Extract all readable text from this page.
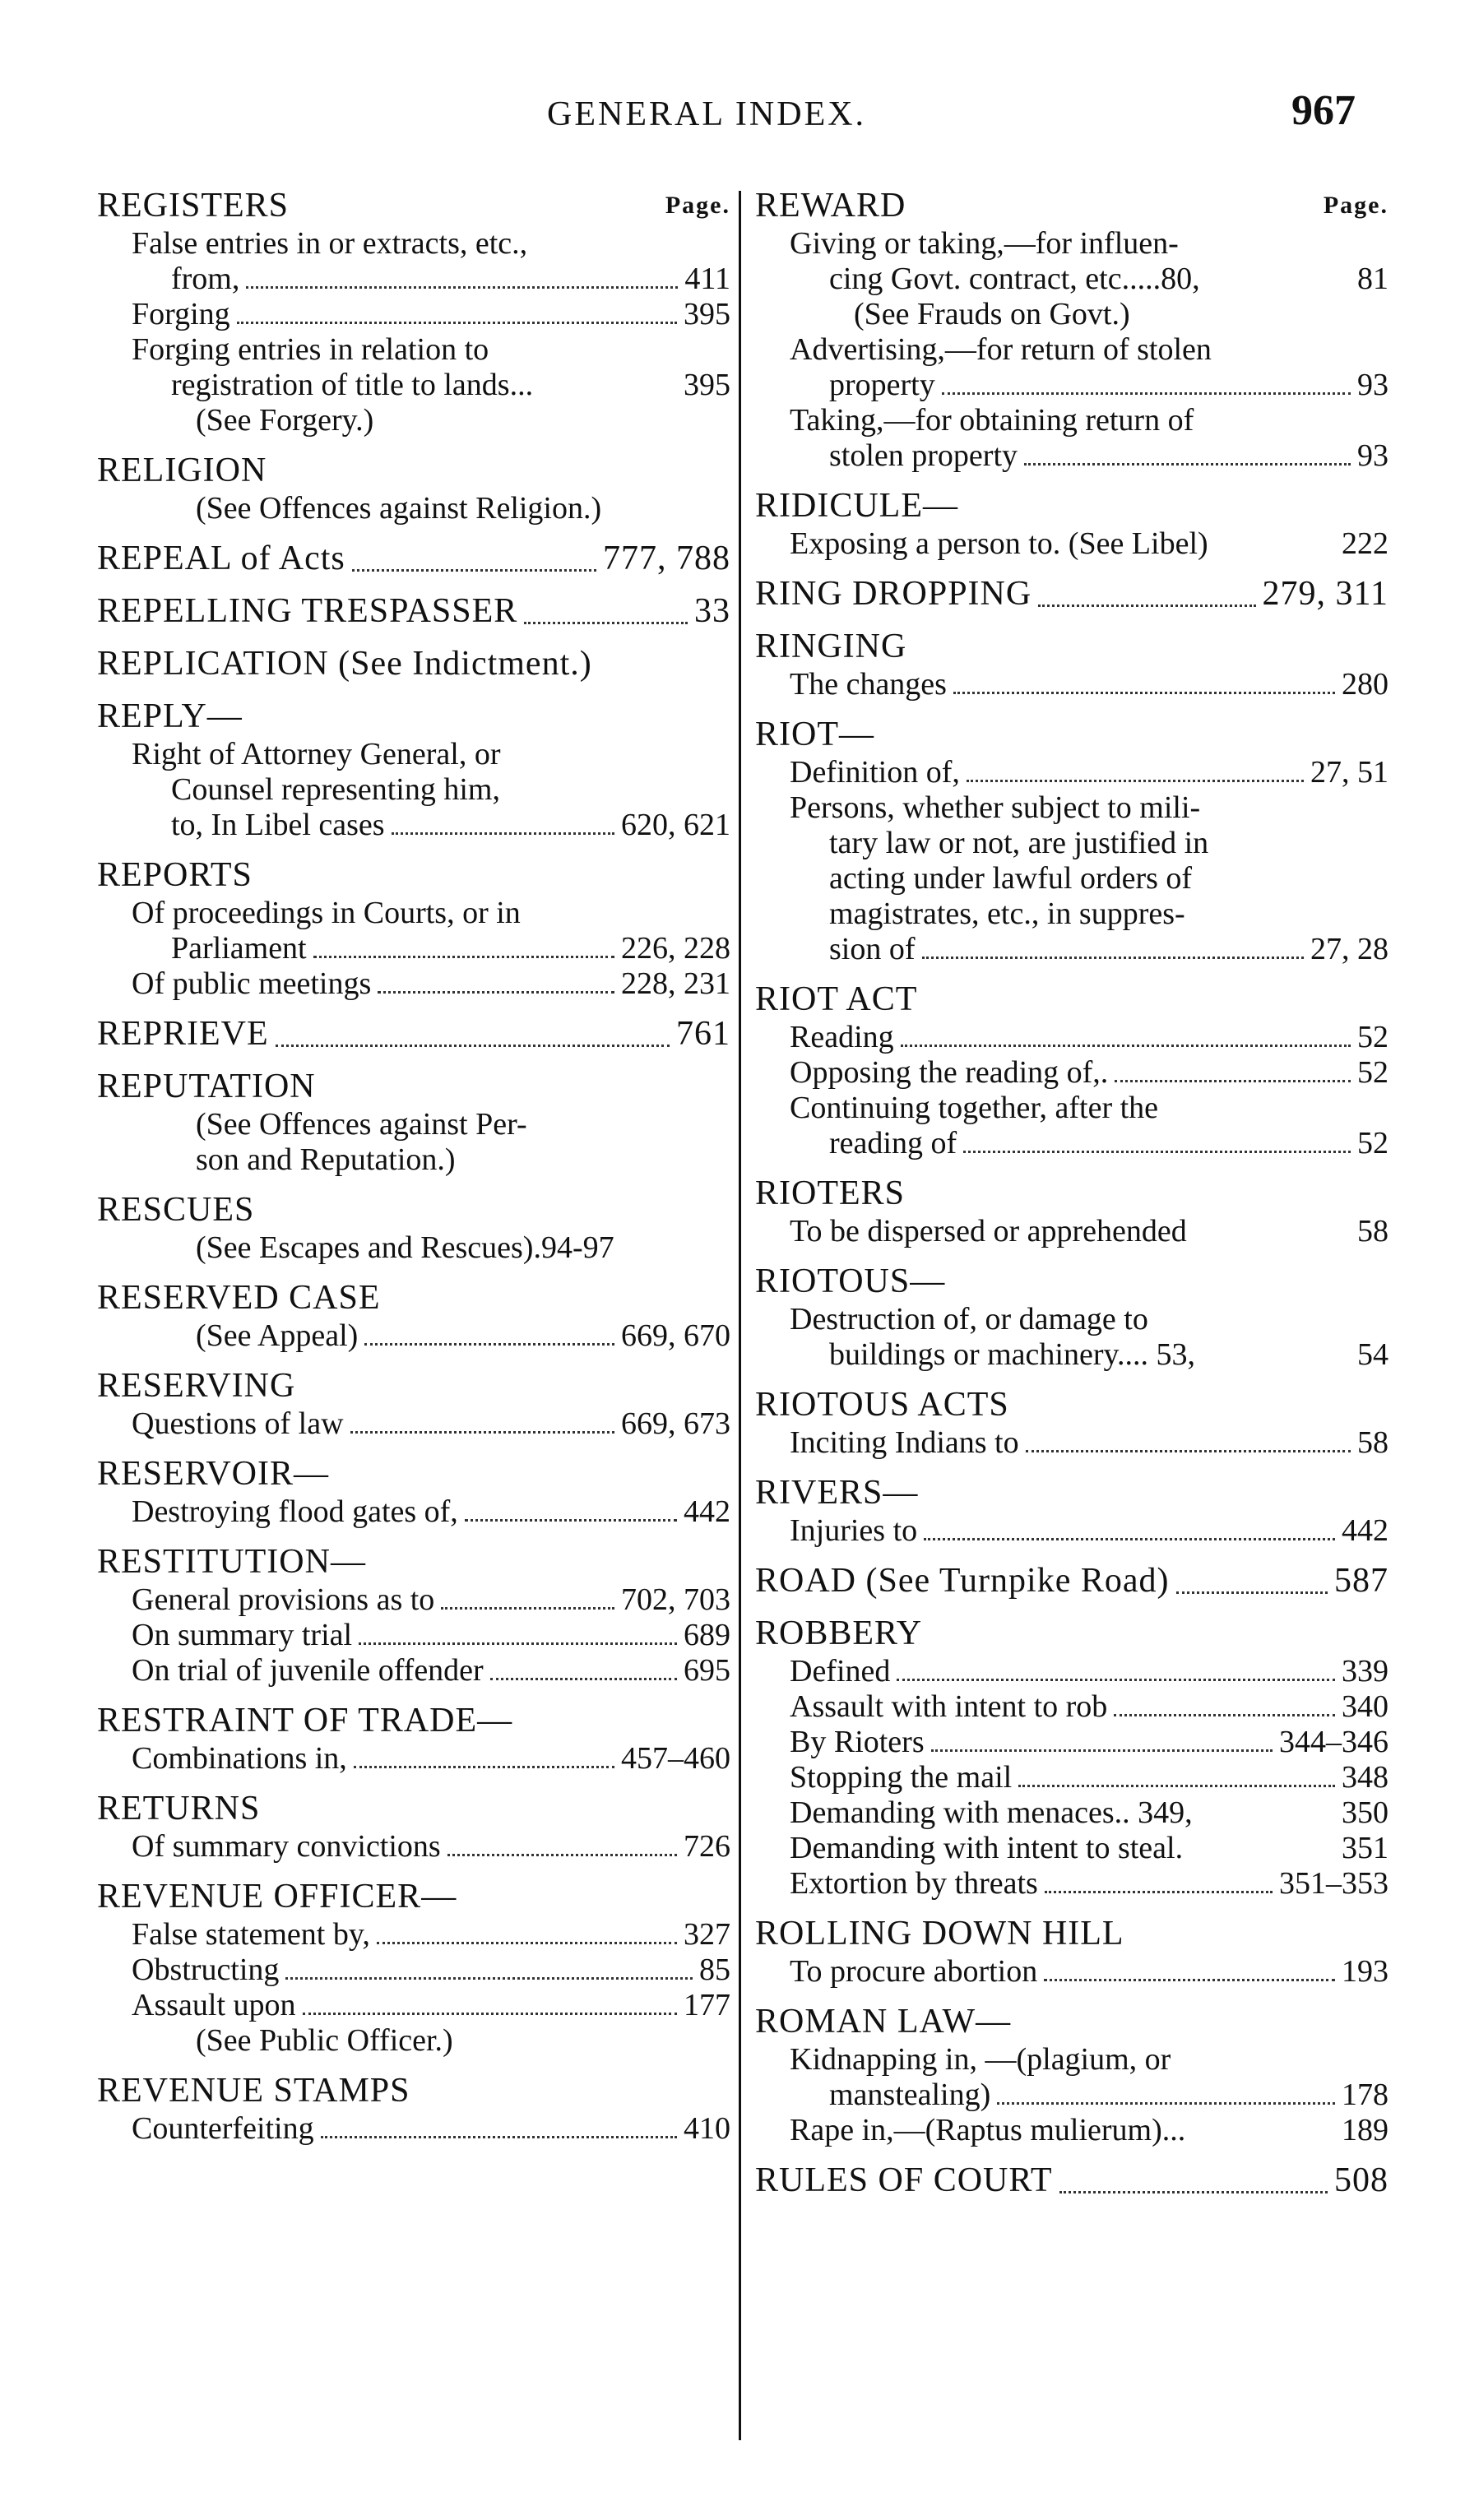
GENERAL INDEX.	967
REGISTERS	Page.
False entries in or extracts, etc.,
from,	411
Forging	395
Forging entries in relation to
registration of title to lands...	395
(See Forgery.)
RELIGION
(See Offences against Religion.)
REPEAL of Acts	777, 788
REPELLING TRESPASSER	33
REPLICATION (See Indictment.)
REPLY—
Right of Attorney General, or
Counsel representing him,
to, In Libel cases	620, 621
REPORTS
Of proceedings in Courts, or in
Parliament	226, 228
Of public meetings	228, 231
REPRIEVE	761
REPUTATION
(See Offences against Per-
son and Reputation.)
RESCUES
(See Escapes and Rescues).94-97
RESERVED CASE
(See Appeal)	669, 670
RESERVING
Questions of law	669, 673
RESERVOIR—
Destroying flood gates of,	442
RESTITUTION—
General provisions as to	702, 703
On summary trial	689
On trial of juvenile offender	695
RESTRAINT OF TRADE—
Combinations in,	457–460
RETURNS
Of summary convictions	726
REVENUE OFFICER—
False statement by,	327
Obstructing	85
Assault upon	177
(See Public Officer.)
REVENUE STAMPS
Counterfeiting	410
REWARD	Page.
Giving or taking,—for influen-
cing Govt. contract, etc.....80,	81
(See Frauds on Govt.)
Advertising,—for return of stolen
property	93
Taking,—for obtaining return of
stolen property	93
RIDICULE—
Exposing a person to. (See Libel)	222
RING DROPPING	279, 311
RINGING
The changes	280
RIOT—
Definition of,	27, 51
Persons, whether subject to mili-
tary law or not, are justified in
acting under lawful orders of
magistrates, etc., in suppres-
sion of	27, 28
RIOT ACT
Reading	52
Opposing the reading of,.	52
Continuing together, after the
reading of	52
RIOTERS
To be dispersed or apprehended	58
RIOTOUS—
Destruction of, or damage to
buildings or machinery.... 53,	54
RIOTOUS ACTS
Inciting Indians to	58
RIVERS—
Injuries to	442
ROAD (See Turnpike Road)	587
ROBBERY
Defined	339
Assault with intent to rob	340
By Rioters	344–346
Stopping the mail	348
Demanding with menaces.. 349,	350
Demanding with intent to steal.	351
Extortion by threats	351–353
ROLLING DOWN HILL
To procure abortion	193
ROMAN LAW—
Kidnapping in, —(plagium, or
manstealing)	178
Rape in,—(Raptus mulierum)...	189
RULES OF COURT	508
